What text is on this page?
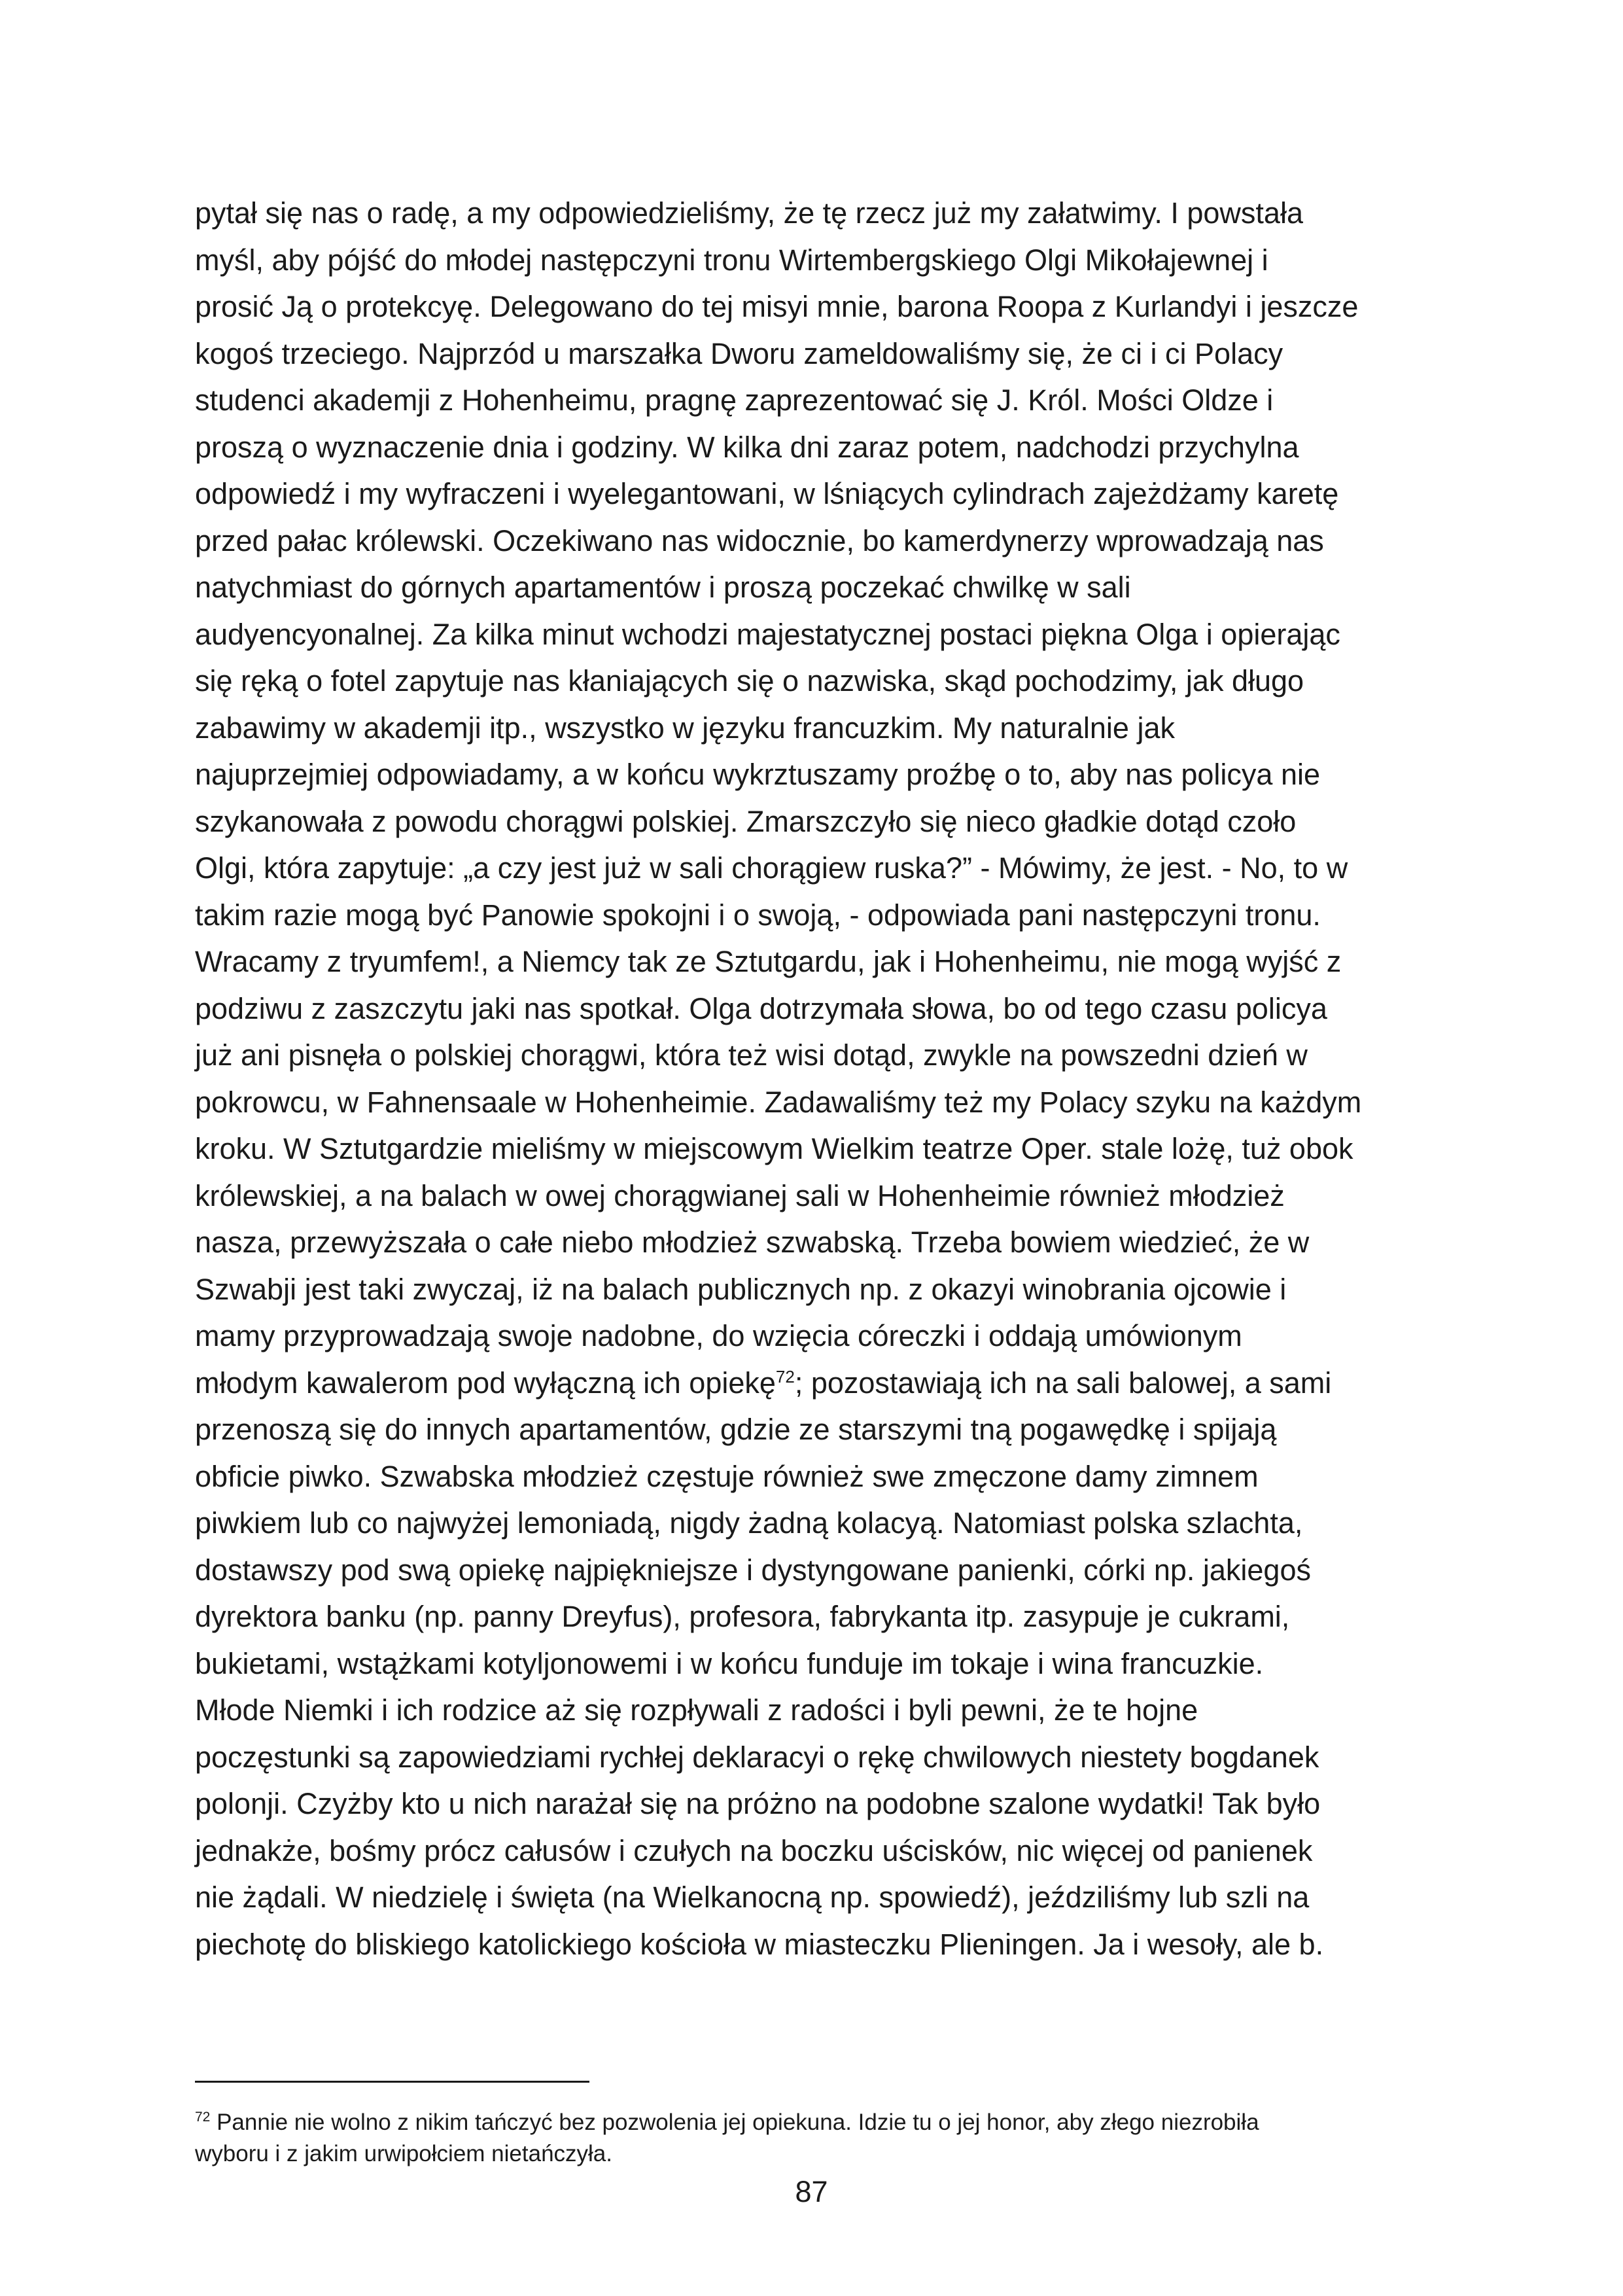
pytał się nas o radę, a my odpowiedzieliśmy, że tę rzecz już my załatwimy. I powstała
myśl, aby pójść do młodej następczyni tronu Wirtembergskiego Olgi Mikołajewnej i
prosić Ją o protekcyę. Delegowano do tej misyi mnie, barona Roopa z Kurlandyi i jeszcze
kogoś trzeciego. Najprzód u marszałka Dworu zameldowaliśmy się, że ci i ci Polacy
studenci akademji z Hohenheimu, pragnę zaprezentować się J. Król. Mości Oldze i
proszą o wyznaczenie dnia i godziny. W kilka dni zaraz potem, nadchodzi przychylna
odpowiedź i my wyfraczeni i wyelegantowani, w lśniących cylindrach zajeżdżamy karetę
przed pałac królewski. Oczekiwano nas widocznie, bo kamerdynerzy wprowadzają nas
natychmiast do górnych apartamentów i proszą poczekać chwilkę w sali
audyencyonalnej. Za kilka minut wchodzi majestatycznej postaci piękna Olga i opierając
się ręką o fotel zapytuje nas kłaniających się o nazwiska, skąd pochodzimy, jak długo
zabawimy w akademji itp., wszystko w języku francuzkim. My naturalnie jak
najuprzejmiej odpowiadamy, a w końcu wykrztuszamy proźbę o to, aby nas policya nie
szykanowała z powodu chorągwi polskiej. Zmarszczyło się nieco gładkie dotąd czoło
Olgi, która zapytuje: „a czy jest już w sali chorągiew ruska?” - Mówimy, że jest. - No, to w
takim razie mogą być Panowie spokojni i o swoją, - odpowiada pani następczyni tronu.
Wracamy z tryumfem!, a Niemcy tak ze Sztutgardu, jak i Hohenheimu, nie mogą wyjść z
podziwu z zaszczytu jaki nas spotkał. Olga dotrzymała słowa, bo od tego czasu policya
już ani pisnęła o polskiej chorągwi, która też wisi dotąd, zwykle na powszedni dzień w
pokrowcu, w Fahnensaale w Hohenheimie. Zadawaliśmy też my Polacy szyku na każdym
kroku. W Sztutgardzie mieliśmy w miejscowym Wielkim teatrze Oper. stale lożę, tuż obok
królewskiej, a na balach w owej chorągwianej sali w Hohenheimie również młodzież
nasza, przewyższała o całe niebo młodzież szwabską. Trzeba bowiem wiedzieć, że w
Szwabji jest taki zwyczaj, iż na balach publicznych np. z okazyi winobrania ojcowie i
mamy przyprowadzają swoje nadobne, do wzięcia córeczki i oddają umówionym
młodym kawalerom pod wyłączną ich opiekę$^{72}$; pozostawiają ich na sali balowej, a sami
przenoszą się do innych apartamentów, gdzie ze starszymi tną pogawędkę i spijają
obficie piwko. Szwabska młodzież częstuje również swe zmęczone damy zimnem
piwkiem lub co najwyżej lemoniadą, nigdy żadną kolacyą. Natomiast polska szlachta,
dostawszy pod swą opiekę najpiękniejsze i dystyngowane panienki, córki np. jakiegoś
dyrektora banku (np. panny Dreyfus), profesora, fabrykanta itp. zasypuje je cukrami,
bukietami, wstążkami kotyljonowemi i w końcu funduje im tokaje i wina francuzkie.
Młode Niemki i ich rodzice aż się rozpływali z radości i byli pewni, że te hojne
poczęstunki są zapowiedziami rychłej deklaracyi o rękę chwilowych niestety bogdanek
polonji. Czyżby kto u nich narażał się na próżno na podobne szalone wydatki! Tak było
jednakże, bośmy prócz całusów i czułych na boczku uścisków, nic więcej od panienek
nie żądali. W niedzielę i święta (na Wielkanocną np. spowiedź), jeździliśmy lub szli na
piechotę do bliskiego katolickiego kościoła w miasteczku Plieningen. Ja i wesoły, ale b.
$^{72}$ Pannie nie wolno z nikim tańczyć bez pozwolenia jej opiekuna. Idzie tu o jej honor, aby złego niezrobiła
wyboru i z jakim urwipołciem nietańczyła.
87
